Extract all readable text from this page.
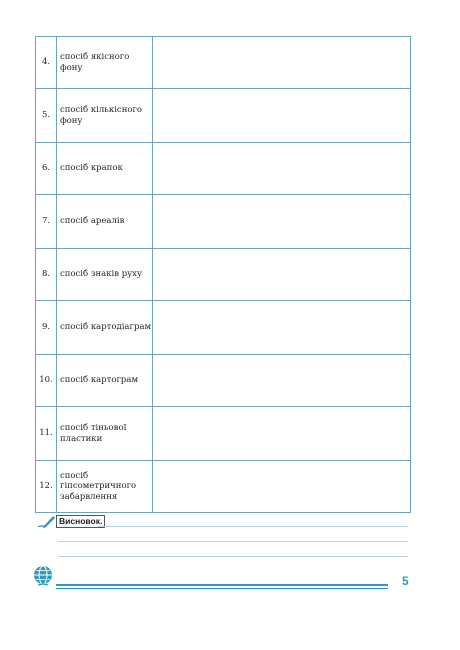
4.	спосіб якісного фону	
5.	спосіб кількісного фону	
6.	спосіб крапок	
7.	спосіб ареалів	
8.	спосіб знаків руху	
9.	спосіб картодіаграм	
10.	спосіб картограм	
11.	спосіб тіньової пластики	
12.	спосіб гіпсометричного забарвлення	
Висновок.
5
